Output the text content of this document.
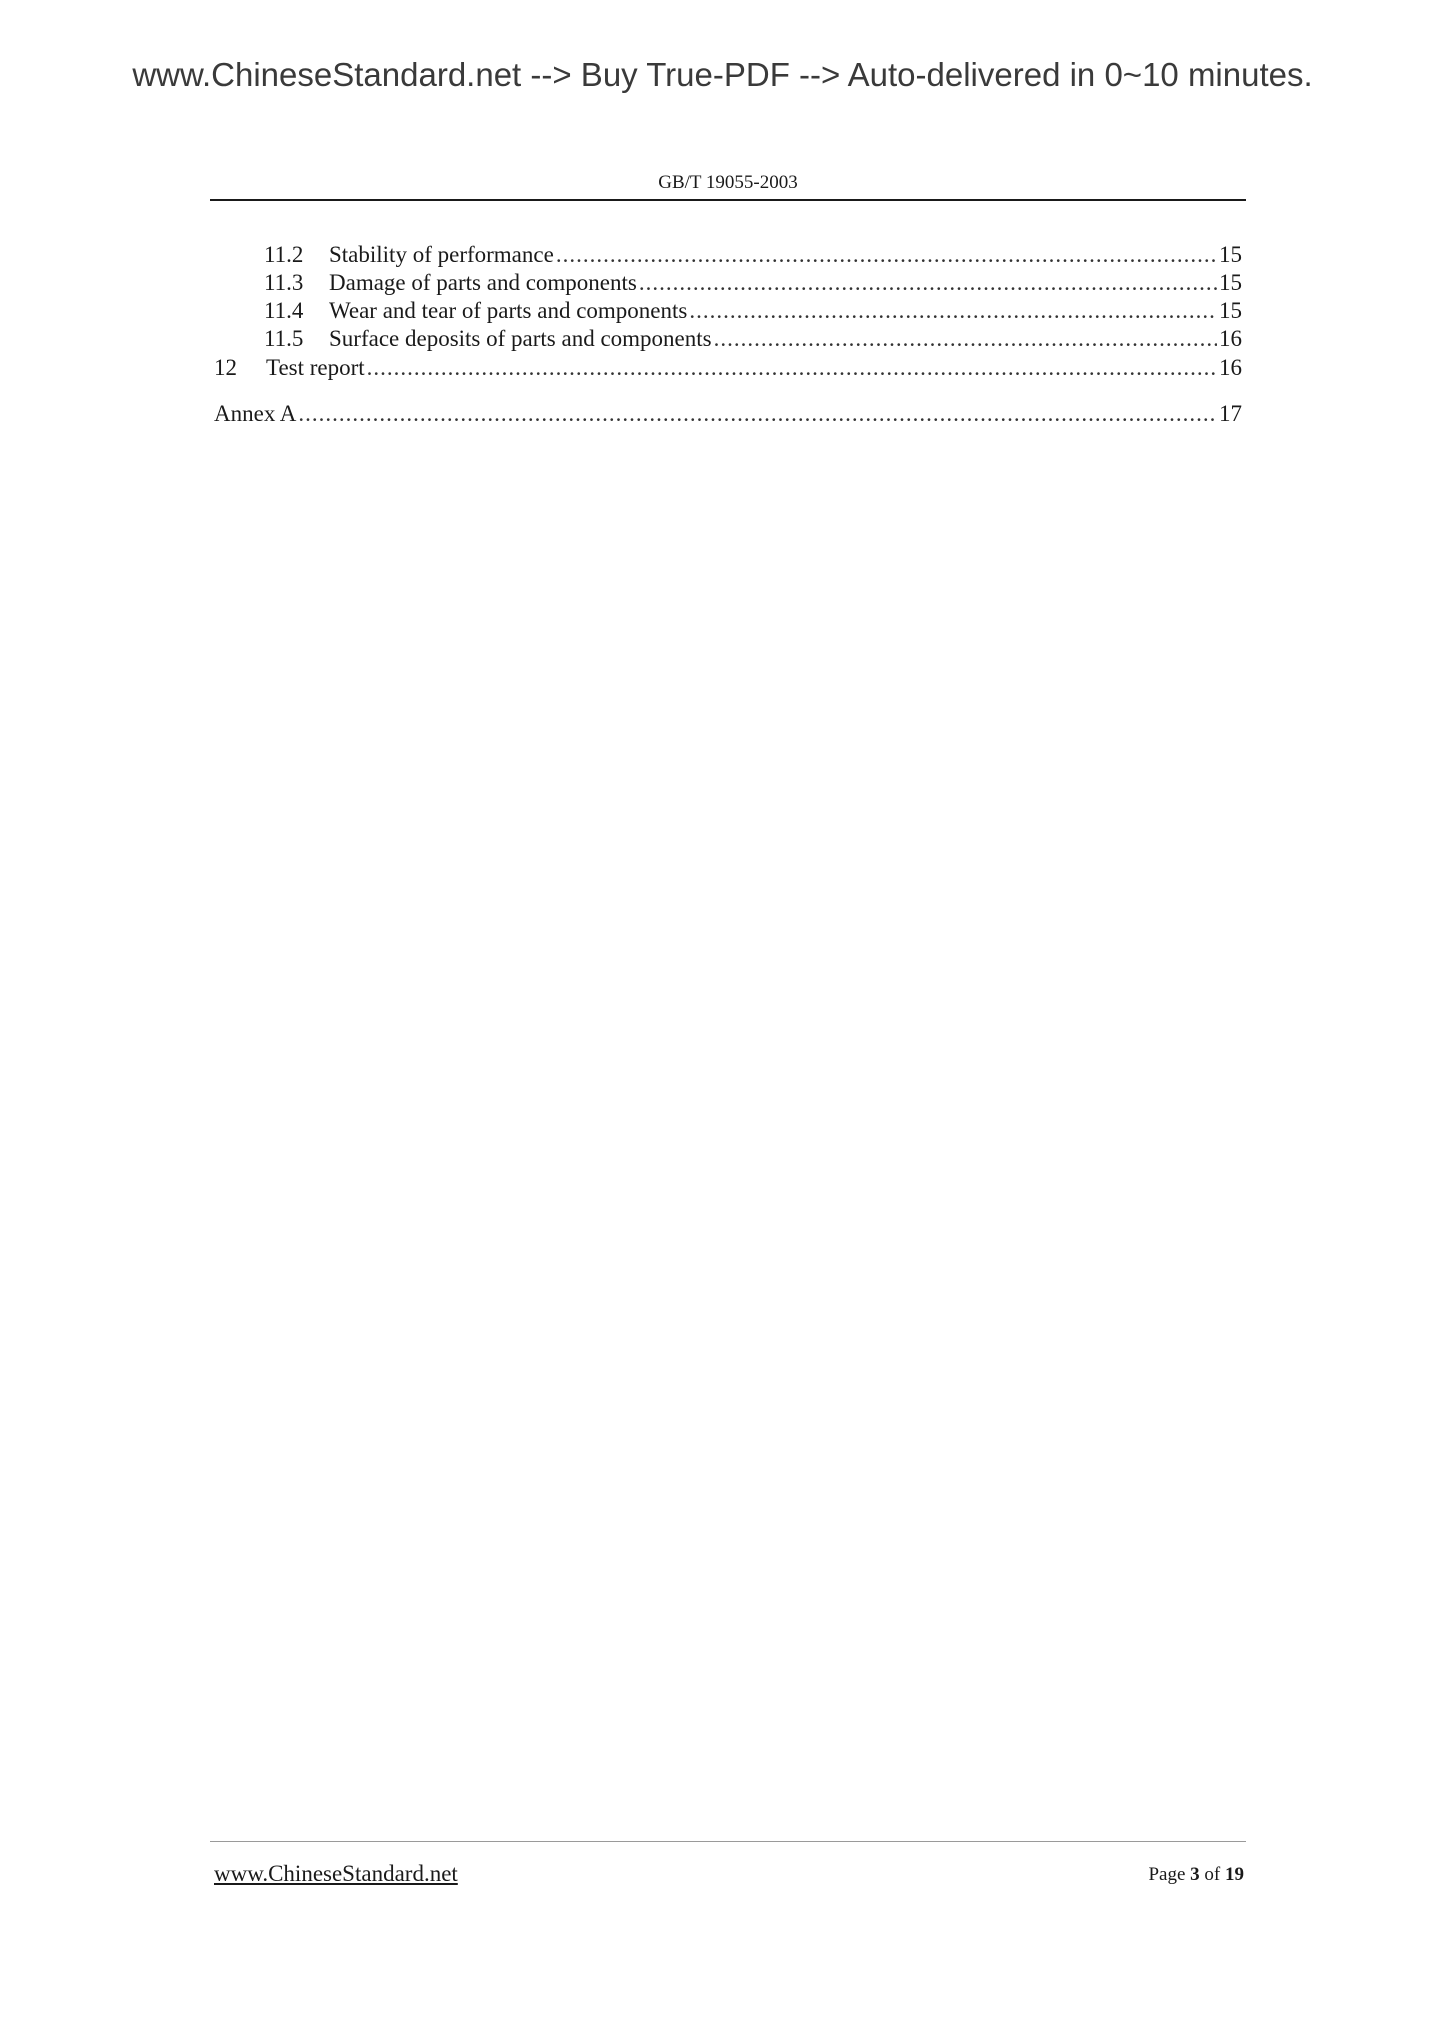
www.ChineseStandard.net --> Buy True-PDF --> Auto-delivered in 0~10 minutes.
GB/T 19055-2003
11.2	Stability of performance .....	15
11.3	Damage of parts and components .....	15
11.4	Wear and tear of parts and components .....	15
11.5	Surface deposits of parts and components .....	16
12	Test report .....	16
Annex A .....	17
www.ChineseStandard.net	Page 3 of 19
